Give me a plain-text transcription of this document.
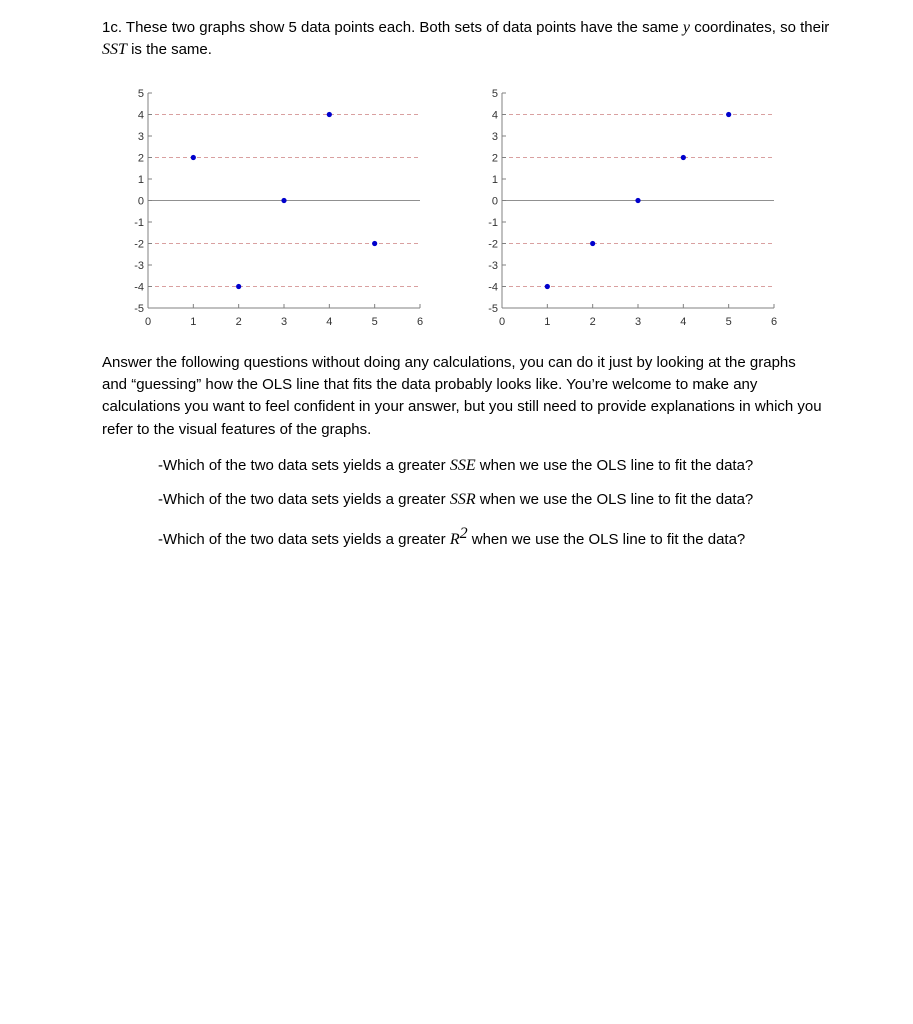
1c. These two graphs show 5 data points each. Both sets of data points have the same y coordinates, so their SST is the same.
5
4
3
2
1
0
-1
-2
-3
-4
-5
0	1	2	3	4	5	6
5
4
3
2
1
0
-1
-2
-3
-4
-5
0	1	2	3	4	5	6
Answer the following questions without doing any calculations, you can do it just by looking at the graphs and “guessing” how the OLS line that fits the data probably looks like. You’re welcome to make any calculations you want to feel confident in your answer, but you still need to provide explanations in which you refer to the visual features of the graphs.
-Which of the two data sets yields a greater SSE when we use the OLS line to fit the data?
-Which of the two data sets yields a greater SSR when we use the OLS line to fit the data?
-Which of the two data sets yields a greater $R^2$ when we use the OLS line to fit the data?
